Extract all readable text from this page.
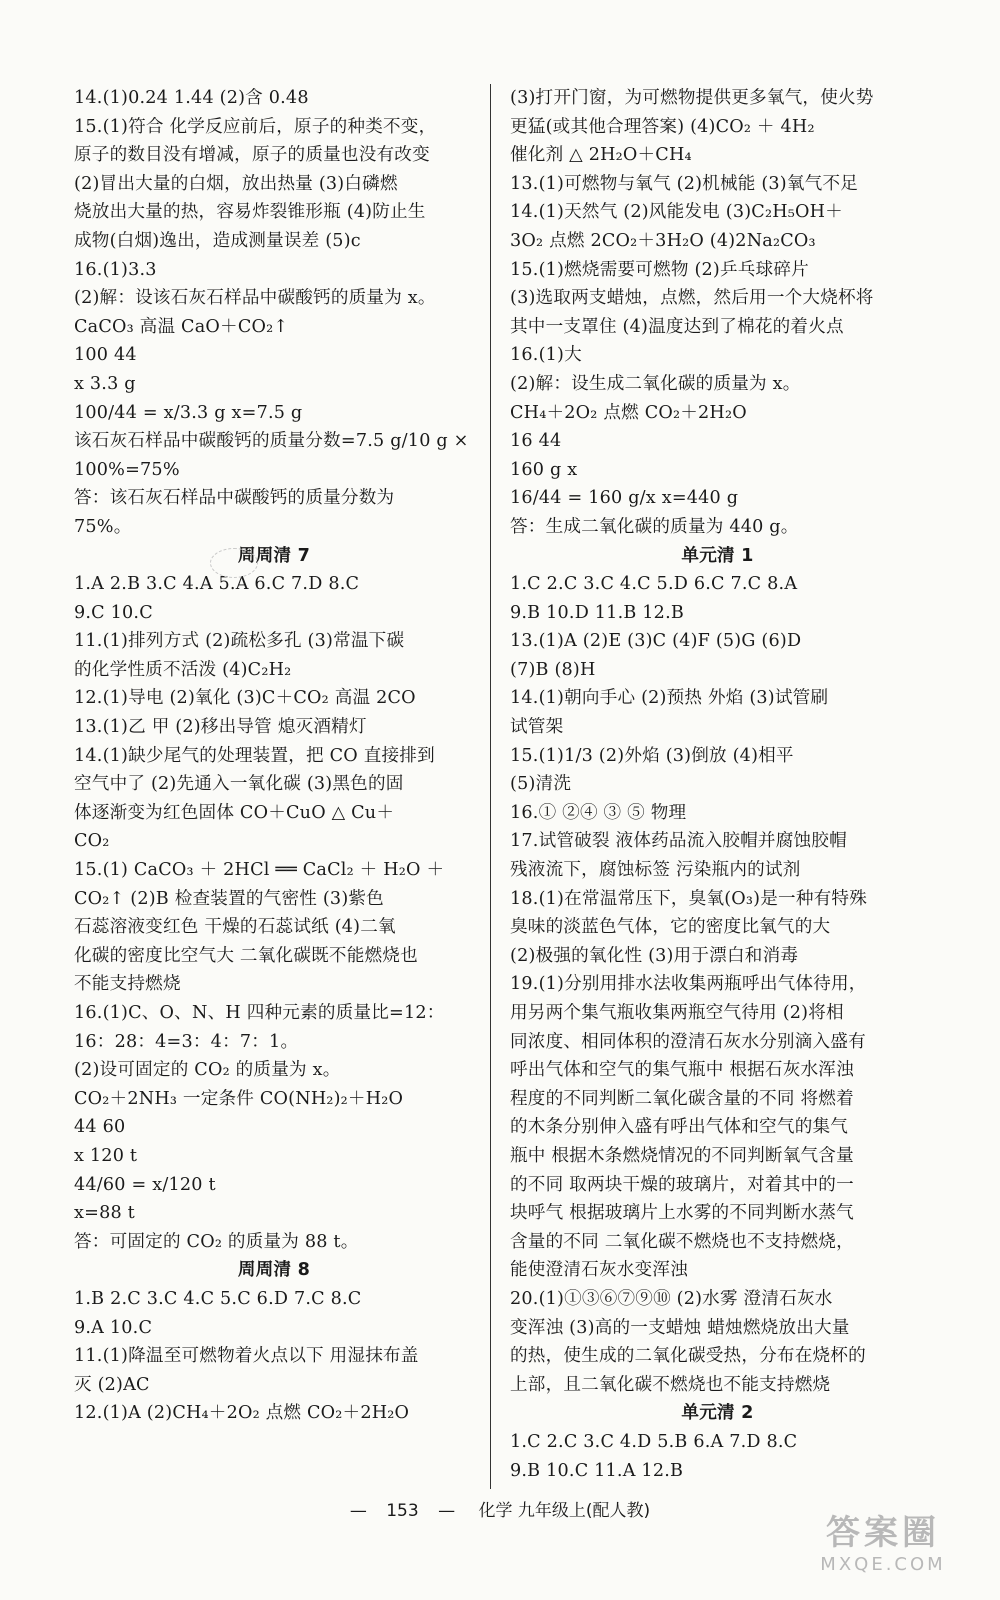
14.(1)0.24 1.44 (2)含 0.48
15.(1)符合 化学反应前后，原子的种类不变，
原子的数目没有增减，原子的质量也没有改变
(2)冒出大量的白烟，放出热量 (3)白磷燃
烧放出大量的热，容易炸裂锥形瓶 (4)防止生
成物(白烟)逸出，造成测量误差 (5)c
16.(1)3.3
(2)解：设该石灰石样品中碳酸钙的质量为 x。
CaCO₃ 高温 CaO＋CO₂↑
100 44
x 3.3 g
100/44 = x/3.3 g x=7.5 g
该石灰石样品中碳酸钙的质量分数=7.5 g/10 g ×
100%=75%
答：该石灰石样品中碳酸钙的质量分数为
75%。
周周清 7
1.A 2.B 3.C 4.A 5.A 6.C 7.D 8.C
9.C 10.C
11.(1)排列方式 (2)疏松多孔 (3)常温下碳
的化学性质不活泼 (4)C₂H₂
12.(1)导电 (2)氧化 (3)C＋CO₂ 高温 2CO
13.(1)乙 甲 (2)移出导管 熄灭酒精灯
14.(1)缺少尾气的处理装置，把 CO 直接排到
空气中了 (2)先通入一氧化碳 (3)黑色的固
体逐渐变为红色固体 CO＋CuO △ Cu＋
CO₂
15.(1) CaCO₃ ＋ 2HCl ══ CaCl₂ ＋ H₂O ＋
CO₂↑ (2)B 检查装置的气密性 (3)紫色
石蕊溶液变红色 干燥的石蕊试纸 (4)二氧
化碳的密度比空气大 二氧化碳既不能燃烧也
不能支持燃烧
16.(1)C、O、N、H 四种元素的质量比=12：
16：28：4=3：4：7：1。
(2)设可固定的 CO₂ 的质量为 x。
CO₂＋2NH₃ 一定条件 CO(NH₂)₂＋H₂O
44 60
x 120 t
44/60 = x/120 t
x=88 t
答：可固定的 CO₂ 的质量为 88 t。
周周清 8
1.B 2.C 3.C 4.C 5.C 6.D 7.C 8.C
9.A 10.C
11.(1)降温至可燃物着火点以下 用湿抹布盖
灭 (2)AC
12.(1)A (2)CH₄＋2O₂ 点燃 CO₂＋2H₂O
(3)打开门窗，为可燃物提供更多氧气，使火势
更猛(或其他合理答案) (4)CO₂ ＋ 4H₂
催化剂 △ 2H₂O＋CH₄
13.(1)可燃物与氧气 (2)机械能 (3)氧气不足
14.(1)天然气 (2)风能发电 (3)C₂H₅OH＋
3O₂ 点燃 2CO₂＋3H₂O (4)2Na₂CO₃
15.(1)燃烧需要可燃物 (2)乒乓球碎片
(3)选取两支蜡烛，点燃，然后用一个大烧杯将
其中一支罩住 (4)温度达到了棉花的着火点
16.(1)大
(2)解：设生成二氧化碳的质量为 x。
CH₄＋2O₂ 点燃 CO₂＋2H₂O
16 44
160 g x
16/44 = 160 g/x x=440 g
答：生成二氧化碳的质量为 440 g。
单元清 1
1.C 2.C 3.C 4.C 5.D 6.C 7.C 8.A
9.B 10.D 11.B 12.B
13.(1)A (2)E (3)C (4)F (5)G (6)D
(7)B (8)H
14.(1)朝向手心 (2)预热 外焰 (3)试管刷
试管架
15.(1)1/3 (2)外焰 (3)倒放 (4)相平
(5)清洗
16.① ②④ ③ ⑤ 物理
17.试管破裂 液体药品流入胶帽并腐蚀胶帽
残液流下，腐蚀标签 污染瓶内的试剂
18.(1)在常温常压下，臭氧(O₃)是一种有特殊
臭味的淡蓝色气体，它的密度比氧气的大
(2)极强的氧化性 (3)用于漂白和消毒
19.(1)分别用排水法收集两瓶呼出气体待用，
用另两个集气瓶收集两瓶空气待用 (2)将相
同浓度、相同体积的澄清石灰水分别滴入盛有
呼出气体和空气的集气瓶中 根据石灰水浑浊
程度的不同判断二氧化碳含量的不同 将燃着
的木条分别伸入盛有呼出气体和空气的集气
瓶中 根据木条燃烧情况的不同判断氧气含量
的不同 取两块干燥的玻璃片，对着其中的一
块呼气 根据玻璃片上水雾的不同判断水蒸气
含量的不同 二氧化碳不燃烧也不支持燃烧，
能使澄清石灰水变浑浊
20.(1)①③⑥⑦⑨⑩ (2)水雾 澄清石灰水
变浑浊 (3)高的一支蜡烛 蜡烛燃烧放出大量
的热，使生成的二氧化碳受热，分布在烧杯的
上部，且二氧化碳不燃烧也不能支持燃烧
单元清 2
1.C 2.C 3.C 4.D 5.B 6.A 7.D 8.C
9.B 10.C 11.A 12.B
— 153 — 化学 九年级上(配人教)
答案圈
MXQE.COM
